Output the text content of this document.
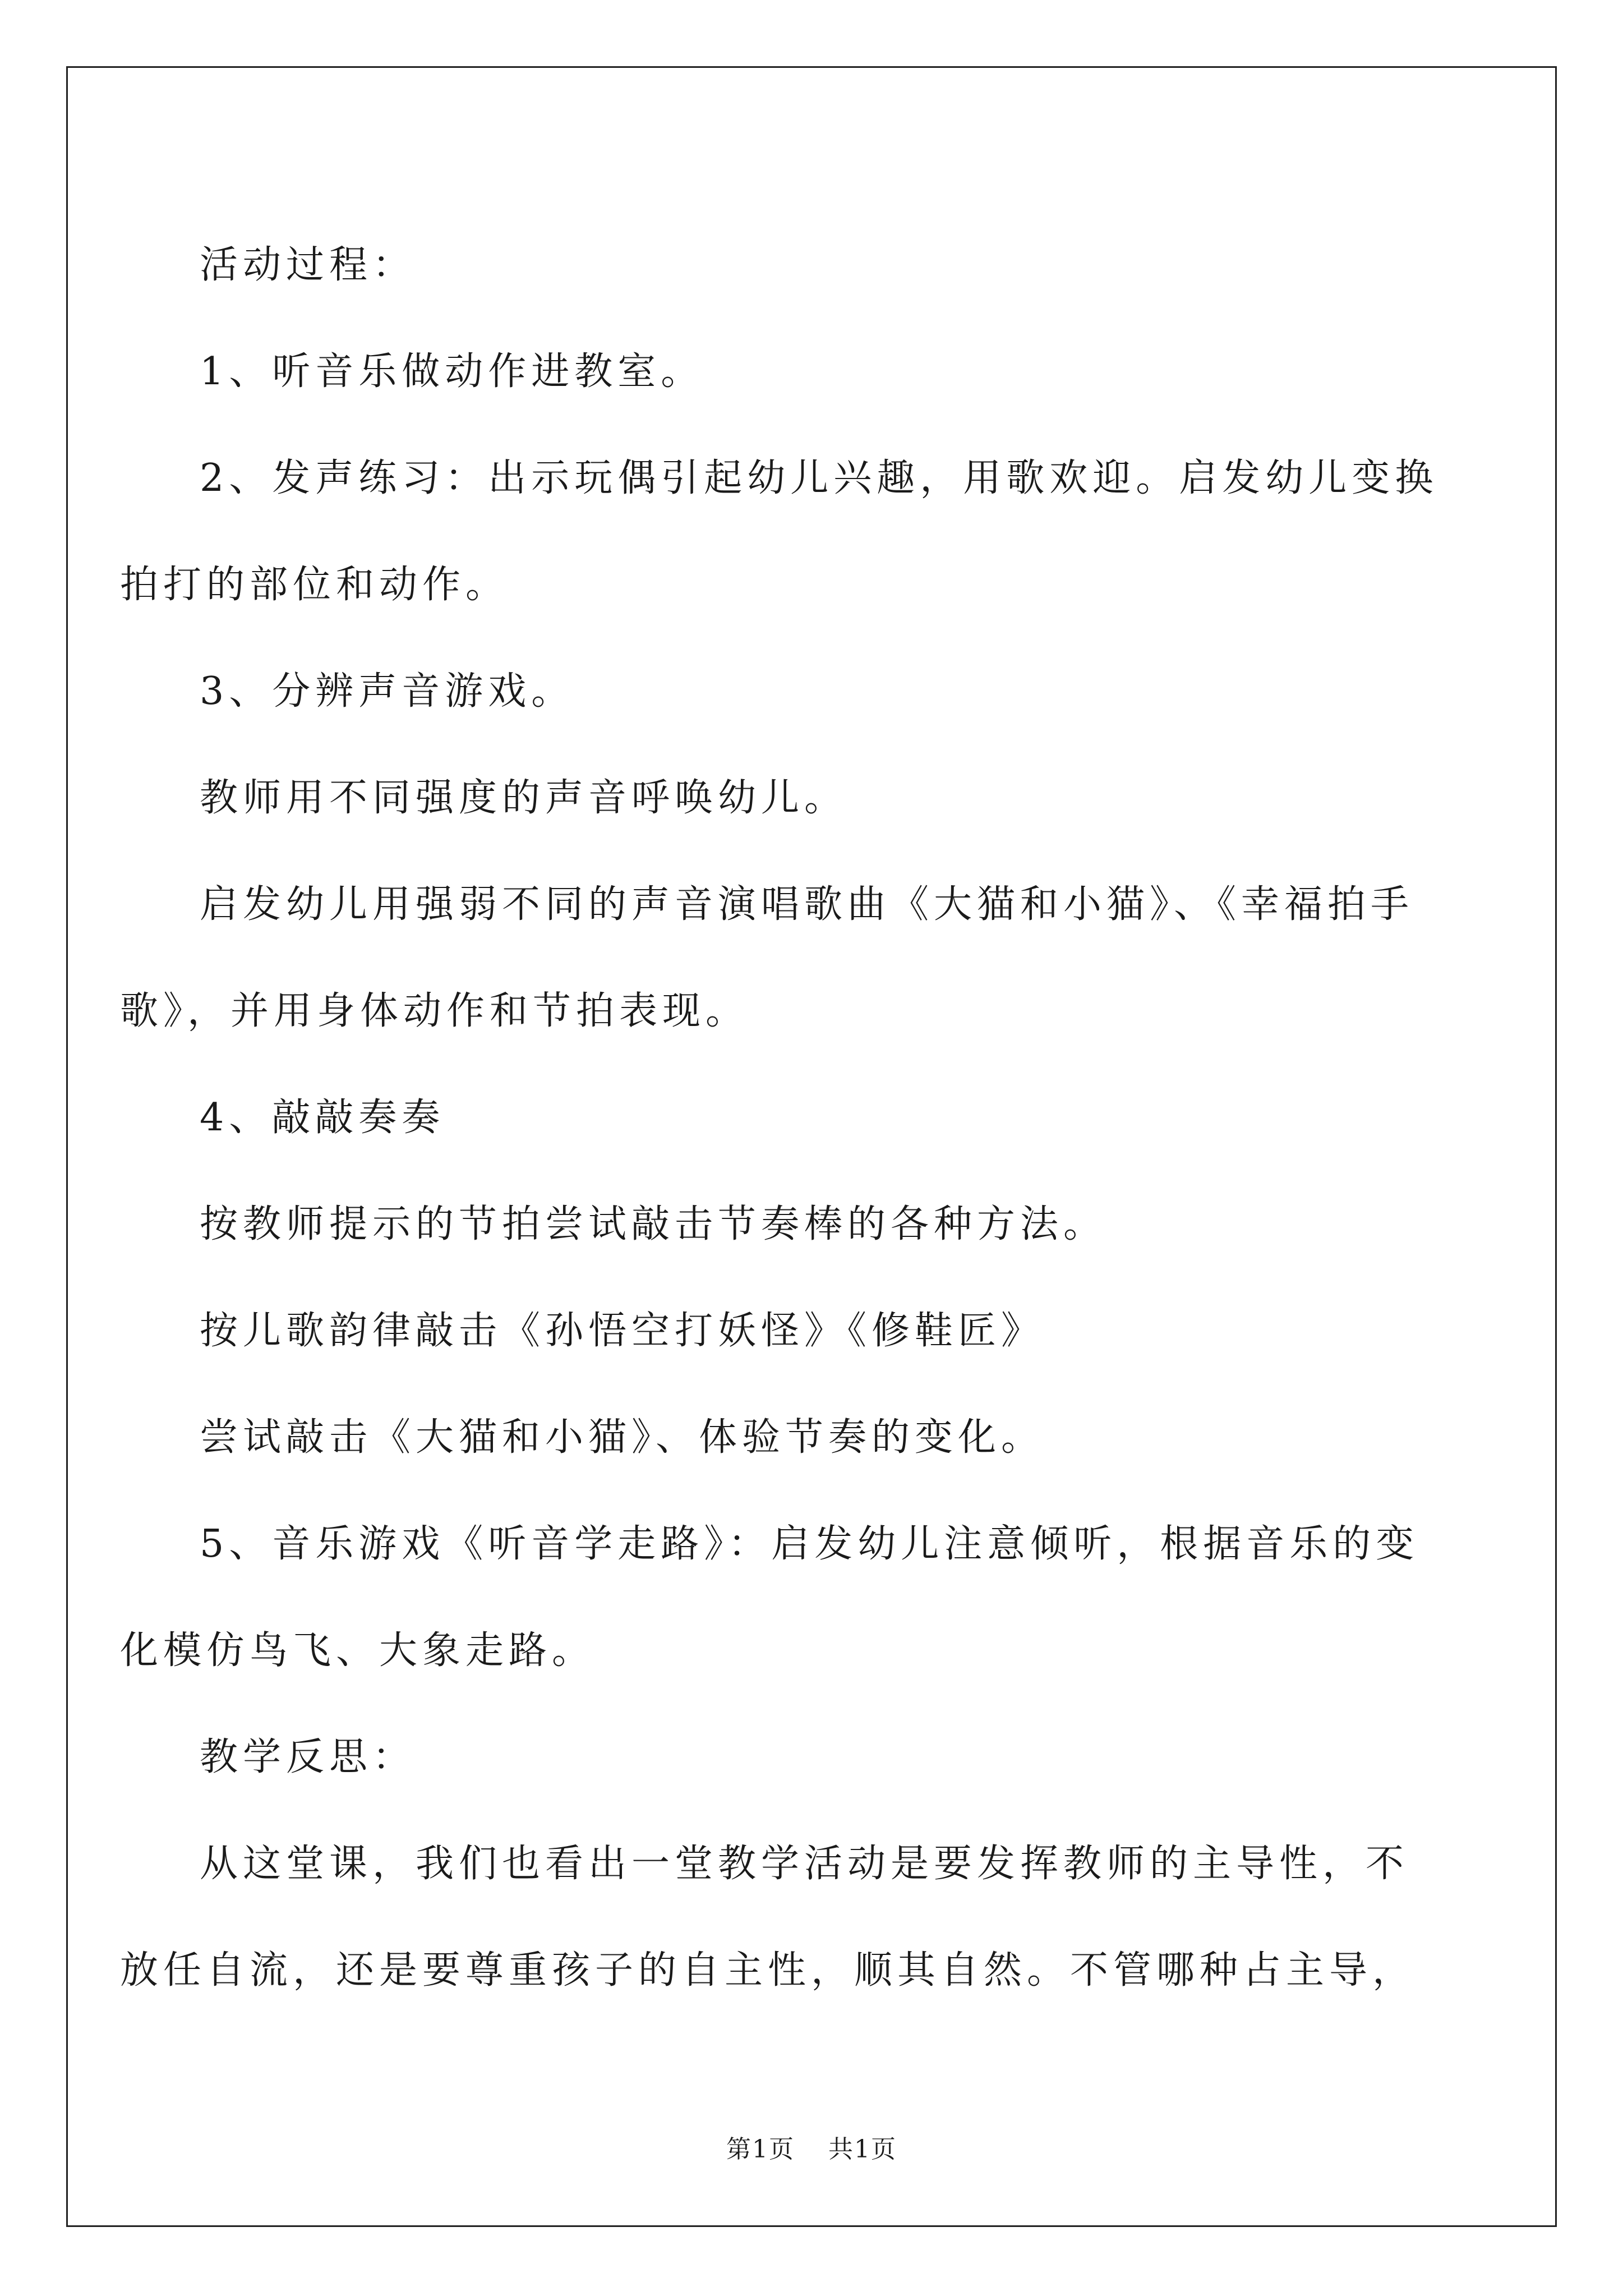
活动过程：

1、听音乐做动作进教室。

2、发声练习：出示玩偶引起幼儿兴趣，用歌欢迎。启发幼儿变换

拍打的部位和动作。

3、分辨声音游戏。

教师用不同强度的声音呼唤幼儿。

启发幼儿用强弱不同的声音演唱歌曲《大猫和小猫》、《幸福拍手

歌》，并用身体动作和节拍表现。

4、敲敲奏奏

按教师提示的节拍尝试敲击节奏棒的各种方法。

按儿歌韵律敲击《孙悟空打妖怪》《修鞋匠》

尝试敲击《大猫和小猫》、体验节奏的变化。

5、音乐游戏《听音学走路》：启发幼儿注意倾听，根据音乐的变

化模仿鸟飞、大象走路。

教学反思：

从这堂课，我们也看出一堂教学活动是要发挥教师的主导性，不

放任自流，还是要尊重孩子的自主性，顺其自然。不管哪种占主导，

第1页 共1页
